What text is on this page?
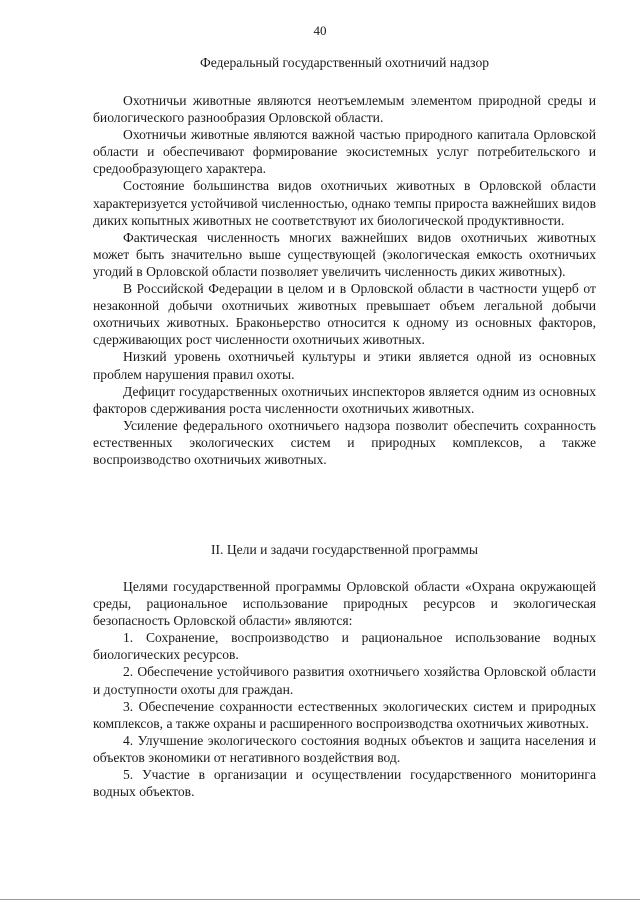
40
Федеральный государственный охотничий надзор

Охотничьи животные являются неотъемлемым элементом природной среды и биологического разнообразия Орловской области.

Охотничьи животные являются важной частью природного капитала Орловской области и обеспечивают формирование экосистемных услуг потребительского и средообразующего характера.

Состояние большинства видов охотничьих животных в Орловской области характеризуется устойчивой численностью, однако темпы прироста важнейших видов диких копытных животных не соответствуют их биологической продуктивности.

Фактическая численность многих важнейших видов охотничьих животных может быть значительно выше существующей (экологическая емкость охотничьих угодий в Орловской области позволяет увеличить численность диких животных).

В Российской Федерации в целом и в Орловской области в частности ущерб от незаконной добычи охотничьих животных превышает объем легальной добычи охотничьих животных. Браконьерство относится к одному из основных факторов, сдерживающих рост численности охотничьих животных.

Низкий уровень охотничьей культуры и этики является одной из основных проблем нарушения правил охоты.

Дефицит государственных охотничьих инспекторов является одним из основных факторов сдерживания роста численности охотничьих животных.

Усиление федерального охотничьего надзора позволит обеспечить сохранность естественных экологических систем и природных комплексов, а также воспроизводство охотничьих животных.

II. Цели и задачи государственной программы

Целями государственной программы Орловской области «Охрана окружающей среды, рациональное использование природных ресурсов и экологическая безопасность Орловской области» являются:

1. Сохранение, воспроизводство и рациональное использование водных биологических ресурсов.

2. Обеспечение устойчивого развития охотничьего хозяйства Орловской области и доступности охоты для граждан.

3. Обеспечение сохранности естественных экологических систем и природных комплексов, а также охраны и расширенного воспроизводства охотничьих животных.

4. Улучшение экологического состояния водных объектов и защита населения и объектов экономики от негативного воздействия вод.

5. Участие в организации и осуществлении государственного мониторинга водных объектов.
